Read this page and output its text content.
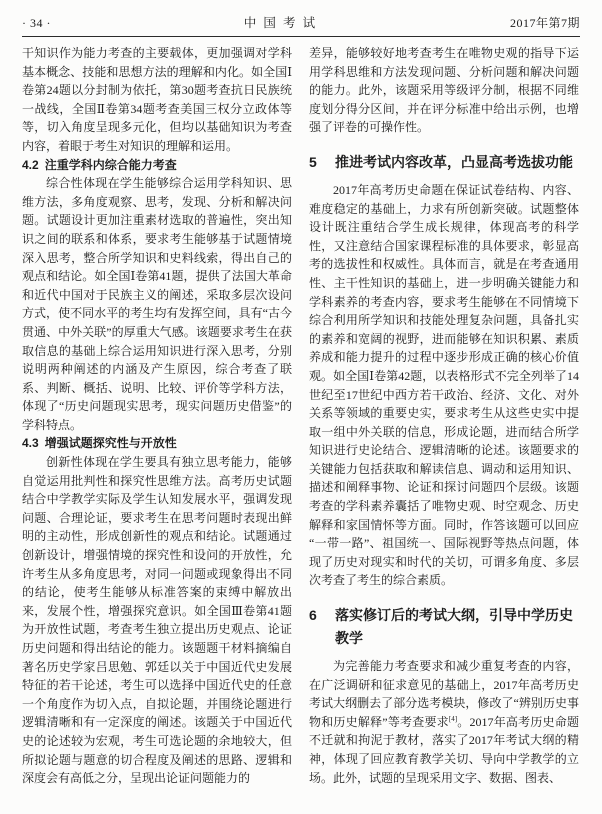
· 34 ·	中 国 考 试	2017年第7期

干知识作为能力考查的主要载体，更加强调对学科基本概念、技能和思想方法的理解和内化。如全国Ⅰ卷第24题以分封制为依托，第30题考查抗日民族统一战线，全国Ⅱ卷第34题考查美国三权分立政体等等，切入角度呈现多元化，但均以基础知识为考查内容，着眼于考生对知识的理解和运用。

4.2 注重学科内综合能力考查

综合性体现在学生能够综合运用学科知识、思维方法，多角度观察、思考，发现、分析和解决问题。试题设计更加注重素材选取的普遍性，突出知识之间的联系和体系，要求考生能够基于试题情境深入思考，整合所学知识和史料线索，得出自己的观点和结论。如全国Ⅰ卷第41题，提供了法国大革命和近代中国对于民族主义的阐述，采取多层次设问方式，使不同水平的考生均有发挥空间，具有“古今贯通、中外关联”的厚重大气感。该题要求考生在获取信息的基础上综合运用知识进行深入思考，分别说明两种阐述的内涵及产生原因，综合考查了联系、判断、概括、说明、比较、评价等学科方法，体现了“历史问题现实思考，现实问题历史借鉴”的学科特点。

4.3 增强试题探究性与开放性

创新性体现在学生要具有独立思考能力，能够自觉运用批判性和探究性思维方法。高考历史试题结合中学教学实际及学生认知发展水平，强调发现问题、合理论证，要求考生在思考问题时表现出鲜明的主动性，形成创新性的观点和结论。试题通过创新设计，增强情境的探究性和设问的开放性，允许考生从多角度思考，对同一问题或现象得出不同的结论，使考生能够从标准答案的束缚中解放出来，发展个性，增强探究意识。如全国Ⅲ卷第41题为开放性试题，考查考生独立提出历史观点、论证历史问题和得出结论的能力。该题题干材料摘编自著名历史学家吕思勉、郭廷以关于中国近代史发展特征的若干论述，考生可以选择中国近代史的任意一个角度作为切入点，自拟论题，并围绕论题进行逻辑清晰和有一定深度的阐述。该题关于中国近代史的论述较为宏观，考生可选论题的余地较大，但所拟论题与题意的切合程度及阐述的思路、逻辑和深度会有高低之分，呈现出论证问题能力的

差异，能够较好地考查考生在唯物史观的指导下运用学科思维和方法发现问题、分析问题和解决问题的能力。此外，该题采用等级评分制，根据不同维度划分得分区间，并在评分标准中给出示例，也增强了评卷的可操作性。

5	推进考试内容改革，凸显高考选拔功能

2017年高考历史命题在保证试卷结构、内容、难度稳定的基础上，力求有所创新突破。试题整体设计既注重结合学生成长规律，体现高考的科学性，又注意结合国家课程标准的具体要求，彰显高考的选拔性和权威性。具体而言，就是在考查通用性、主干性知识的基础上，进一步明确关键能力和学科素养的考查内容，要求考生能够在不同情境下综合利用所学知识和技能处理复杂问题，具备扎实的素养和宽阔的视野，进而能够在知识积累、素质养成和能力提升的过程中逐步形成正确的核心价值观。如全国Ⅰ卷第42题，以表格形式不完全列举了14世纪至17世纪中西方若干政治、经济、文化、对外关系等领域的重要史实，要求考生从这些史实中提取一组中外关联的信息，形成论题，进而结合所学知识进行史论结合、逻辑清晰的论述。该题要求的关键能力包括获取和解读信息、调动和运用知识、描述和阐释事物、论证和探讨问题四个层级。该题考查的学科素养囊括了唯物史观、时空观念、历史解释和家国情怀等方面。同时，作答该题可以回应“一带一路”、祖国统一、国际视野等热点问题，体现了历史对现实和时代的关切，可谓多角度、多层次考查了考生的综合素质。

6	落实修订后的考试大纲，引导中学历史教学

为完善能力考查要求和减少重复考查的内容，在广泛调研和征求意见的基础上，2017年高考历史考试大纲删去了部分选考模块，修改了“辨别历史事物和历史解释”等考查要求[4]。2017年高考历史命题不迁就和拘泥于教材，落实了2017年考试大纲的精神，体现了回应教育教学关切、导向中学教学的立场。此外，试题的呈现采用文字、数据、图表、
